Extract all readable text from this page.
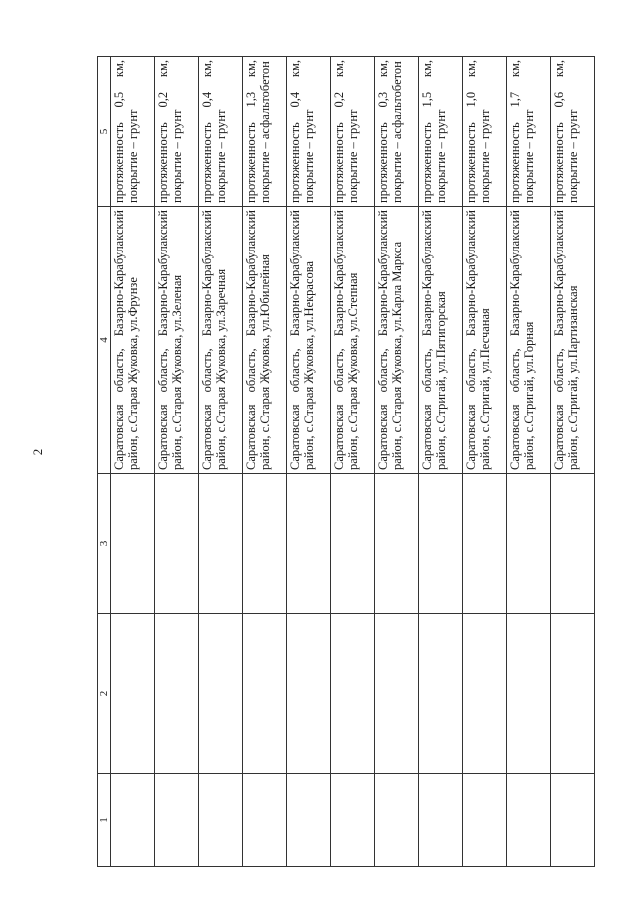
2
1	2	3	4	5
			Саратовская область, Базарно-Карабулакский район, с.Старая Жуковка, ул.Фрунзе	протяженность 0,5 км, покрытие – грунт
			Саратовская область, Базарно-Карабулакский район, с.Старая Жуковка, ул.Зеленая	протяженность 0,2 км, покрытие – грунт
			Саратовская область, Базарно-Карабулакский район, с.Старая Жуковка, ул.Заречная	протяженность 0,4 км, покрытие – грунт
			Саратовская область, Базарно-Карабулакский район, с.Старая Жуковка, ул.Юбилейная	протяженность 1,3 км, покрытие – асфальтобетон
			Саратовская область, Базарно-Карабулакский район, с.Старая Жуковка, ул.Некрасова	протяженность 0,4 км, покрытие – грунт
			Саратовская область, Базарно-Карабулакский район, с.Старая Жуковка, ул.Степная	протяженность 0,2 км, покрытие – грунт
			Саратовская область, Базарно-Карабулакский район, с.Старая Жуковка, ул.Карла Маркса	протяженность 0,3 км, покрытие – асфальтобетон
			Саратовская область, Базарно-Карабулакский район, с.Стригай, ул.Пятигорская	протяженность 1,5 км, покрытие – грунт
			Саратовская область, Базарно-Карабулакский район, с.Стригай, ул.Песчаная	протяженность 1,0 км, покрытие – грунт
			Саратовская область, Базарно-Карабулакский район, с.Стригай, ул.Горная	протяженность 1,7 км, покрытие – грунт
			Саратовская область, Базарно-Карабулакский район, с.Стригай, ул.Партизанская	протяженность 0,6 км, покрытие – грунт
